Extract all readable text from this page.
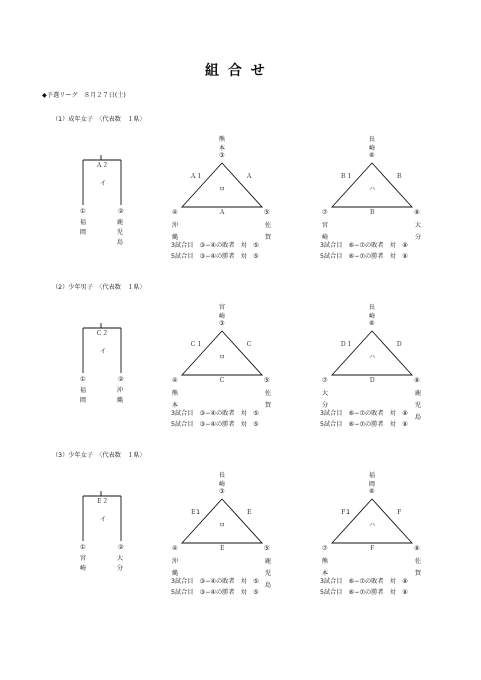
組 合 せ
◆予選リーグ　８月２７日(土)
（1）成年女子　〈代表数　１県〉
Ａ２
イ
①
福岡
②
鹿児島
熊本
③
Ａ１	Ａ
ロ
Ａ
④
沖縄
⑤
佐賀
長崎
⑥
Ｂ１	Ｂ
ハ
Ｂ
⑦
宮崎
⑧
大分
3試合目　③−④の敗者　対　⑤
5試合目　③−④の勝者　対　⑤
3試合目　⑥−⑦の敗者　対　⑧
5試合目　⑥−⑦の勝者　対　⑧
（2）少年男子　〈代表数　１県〉
Ｃ２
イ
①
福岡
②
沖縄
宮崎
③
Ｃ１	Ｃ
ロ
Ｃ
④
熊本
⑤
佐賀
長崎
⑥
Ｄ１	Ｄ
ハ
Ｄ
⑦
大分
⑧
鹿児島
3試合目　③−④の敗者　対　⑤
5試合目　③−④の勝者　対　⑤
3試合目　⑥−⑦の敗者　対　⑧
5試合目　⑥−⑦の勝者　対　⑧
（3）少年女子　〈代表数　１県〉
Ｅ２
イ
①
宮崎
②
大分
長崎
③
Ｅ1	Ｅ
ロ
Ｅ
④
沖縄
⑤
鹿児島
福岡
⑥
Ｆ1	Ｆ
ハ
Ｆ
⑦
熊本
⑧
佐賀
3試合目　③−④の敗者　対　⑤
5試合目　③−④の勝者　対　⑤
3試合目　⑥−⑦の敗者　対　⑧
5試合目　⑥−⑦の勝者　対　⑧
